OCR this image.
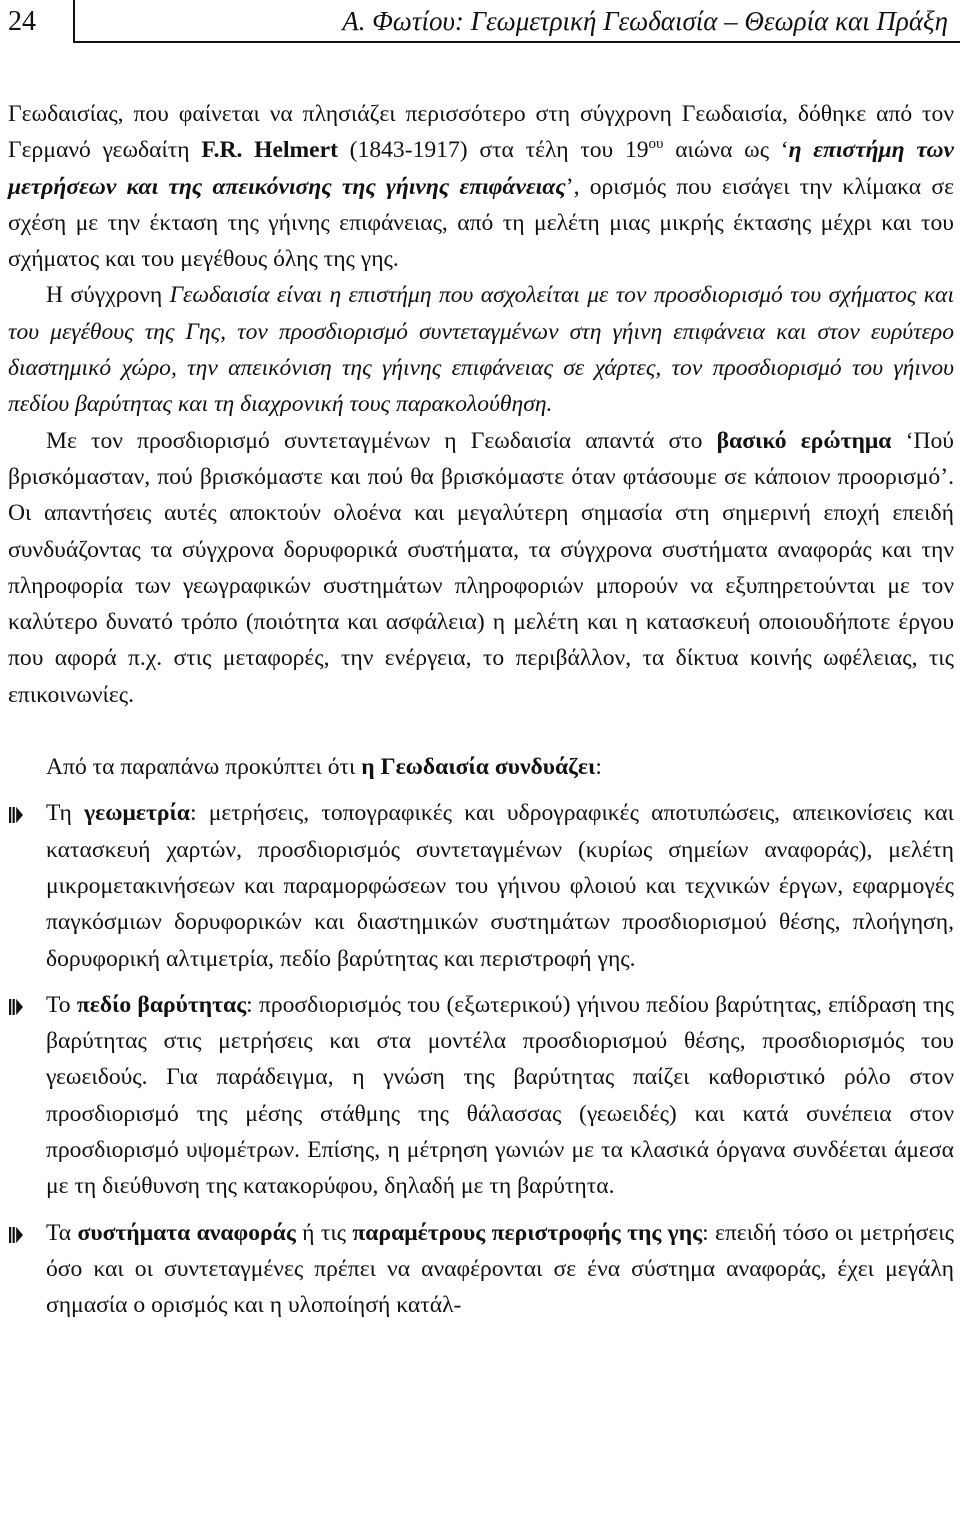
24	Α. Φωτίου: Γεωμετρική Γεωδαισία – Θεωρία και Πράξη

Γεωδαισίας, που φαίνεται να πλησιάζει περισσότερο στη σύγχρονη Γεωδαισία, δόθηκε από τον Γερμανό γεωδαίτη F.R. Helmert (1843-1917) στα τέλη του $19^{o\upsilon}$ αιώνα ως ‘η επιστήμη των μετρήσεων και της απεικόνισης της γήινης επιφάνειας’, ορισμός που εισάγει την κλίμακα σε σχέση με την έκταση της γήινης επιφάνειας, από τη μελέτη μιας μικρής έκτασης μέχρι και του σχήματος και του μεγέθους όλης της γης.

Η σύγχρονη Γεωδαισία είναι η επιστήμη που ασχολείται με τον προσδιορισμό του σχήματος και του μεγέθους της Γης, τον προσδιορισμό συντεταγμένων στη γήινη επιφάνεια και στον ευρύτερο διαστημικό χώρο, την απεικόνιση της γήινης επιφάνειας σε χάρτες, τον προσδιορισμό του γήινου πεδίου βαρύτητας και τη διαχρονική τους παρακολούθηση.

Με τον προσδιορισμό συντεταγμένων η Γεωδαισία απαντά στο βασικό ερώτημα ‘Πού βρισκόμασταν, πού βρισκόμαστε και πού θα βρισκόμαστε όταν φτάσουμε σε κάποιον προορισμό’. Οι απαντήσεις αυτές αποκτούν ολοένα και μεγαλύτερη σημασία στη σημερινή εποχή επειδή συνδυάζοντας τα σύγχρονα δορυφορικά συστήματα, τα σύγχρονα συστήματα αναφοράς και την πληροφορία των γεωγραφικών συστημάτων πληροφοριών μπορούν να εξυπηρετούνται με τον καλύτερο δυνατό τρόπο (ποιότητα και ασφάλεια) η μελέτη και η κατασκευή οποιουδήποτε έργου που αφορά π.χ. στις μεταφορές, την ενέργεια, το περιβάλλον, τα δίκτυα κοινής ωφέλειας, τις επικοινωνίες.

Από τα παραπάνω προκύπτει ότι η Γεωδαισία συνδυάζει:

Τη γεωμετρία: μετρήσεις, τοπογραφικές και υδρογραφικές αποτυπώσεις, απεικονίσεις και κατασκευή χαρτών, προσδιορισμός συντεταγμένων (κυρίως σημείων αναφοράς), μελέτη μικρομετακινήσεων και παραμορφώσεων του γήινου φλοιού και τεχνικών έργων, εφαρμογές παγκόσμιων δορυφορικών και διαστημικών συστημάτων προσδιορισμού θέσης, πλοήγηση, δορυφορική αλτιμετρία, πεδίο βαρύτητας και περιστροφή γης.
Το πεδίο βαρύτητας: προσδιορισμός του (εξωτερικού) γήινου πεδίου βαρύτητας, επίδραση της βαρύτητας στις μετρήσεις και στα μοντέλα προσδιορισμού θέσης, προσδιορισμός του γεωειδούς. Για παράδειγμα, η γνώση της βαρύτητας παίζει καθοριστικό ρόλο στον προσδιορισμό της μέσης στάθμης της θάλασσας (γεωειδές) και κατά συνέπεια στον προσδιορισμό υψομέτρων. Επίσης, η μέτρηση γωνιών με τα κλασικά όργανα συνδέεται άμεσα με τη διεύθυνση της κατακορύφου, δηλαδή με τη βαρύτητα.
Τα συστήματα αναφοράς ή τις παραμέτρους περιστροφής της γης: επειδή τόσο οι μετρήσεις όσο και οι συντεταγμένες πρέπει να αναφέρονται σε ένα σύστημα αναφοράς, έχει μεγάλη σημασία ο ορισμός και η υλοποίησή κατάλ-
